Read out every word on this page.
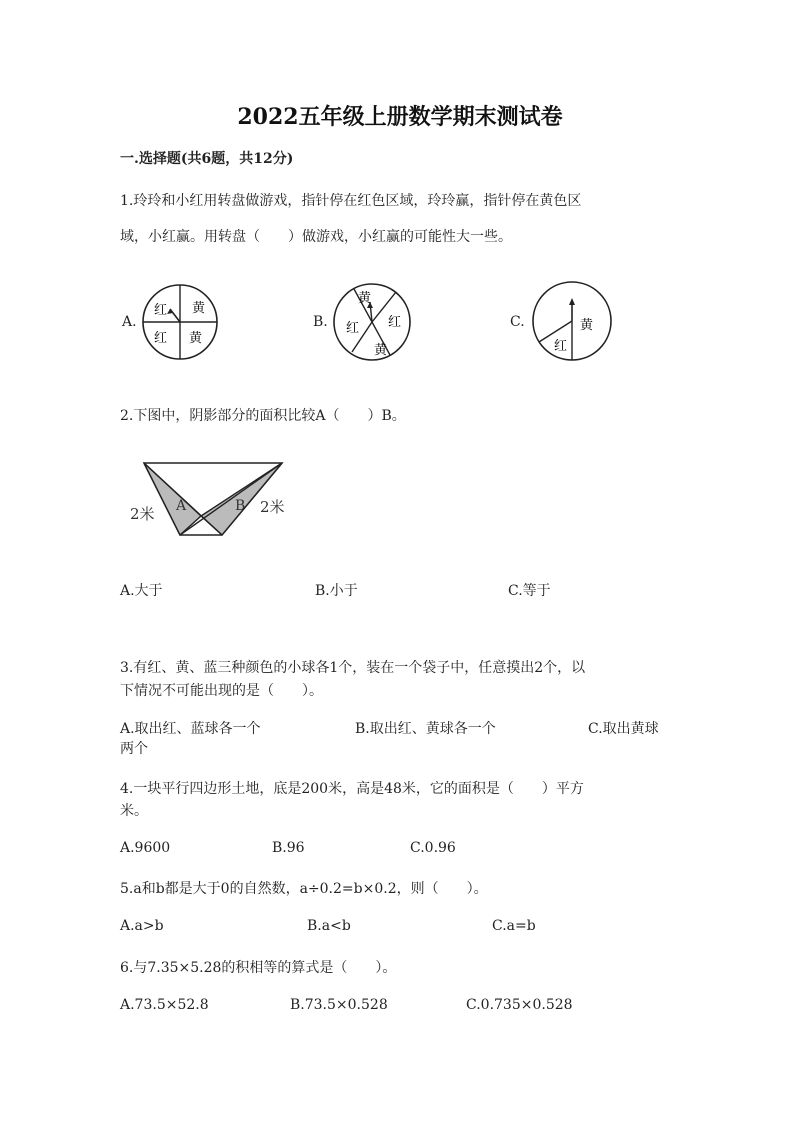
2022五年级上册数学期末测试卷
一.选择题(共6题，共12分)
1.玲玲和小红用转盘做游戏，指针停在红色区域，玲玲赢，指针停在黄色区
域，小红赢。用转盘（　　）做游戏，小红赢的可能性大一些。
A.
红 黄
红 黄
B.
黄
红
红
黄
C.	黄
红
2.下图中，阴影部分的面积比较A（　　）B。
2米 A	B 2米
A.大于	B.小于	C.等于
3.有红、黄、蓝三种颜色的小球各1个，装在一个袋子中，任意摸出2个，以
下情况不可能出现的是（　　）。
A.取出红、蓝球各一个	B.取出红、黄球各一个	C.取出黄球
两个
4.一块平行四边形土地，底是200米，高是48米，它的面积是（　　）平方
米。
A.9600	B.96	C.0.96
5.a和b都是大于0的自然数，a÷0.2=b×0.2，则（　　）。
A.a>b	B.a<b	C.a=b
6.与7.35×5.28的积相等的算式是（　　）。
A.73.5×52.8	B.73.5×0.528	C.0.735×0.528
